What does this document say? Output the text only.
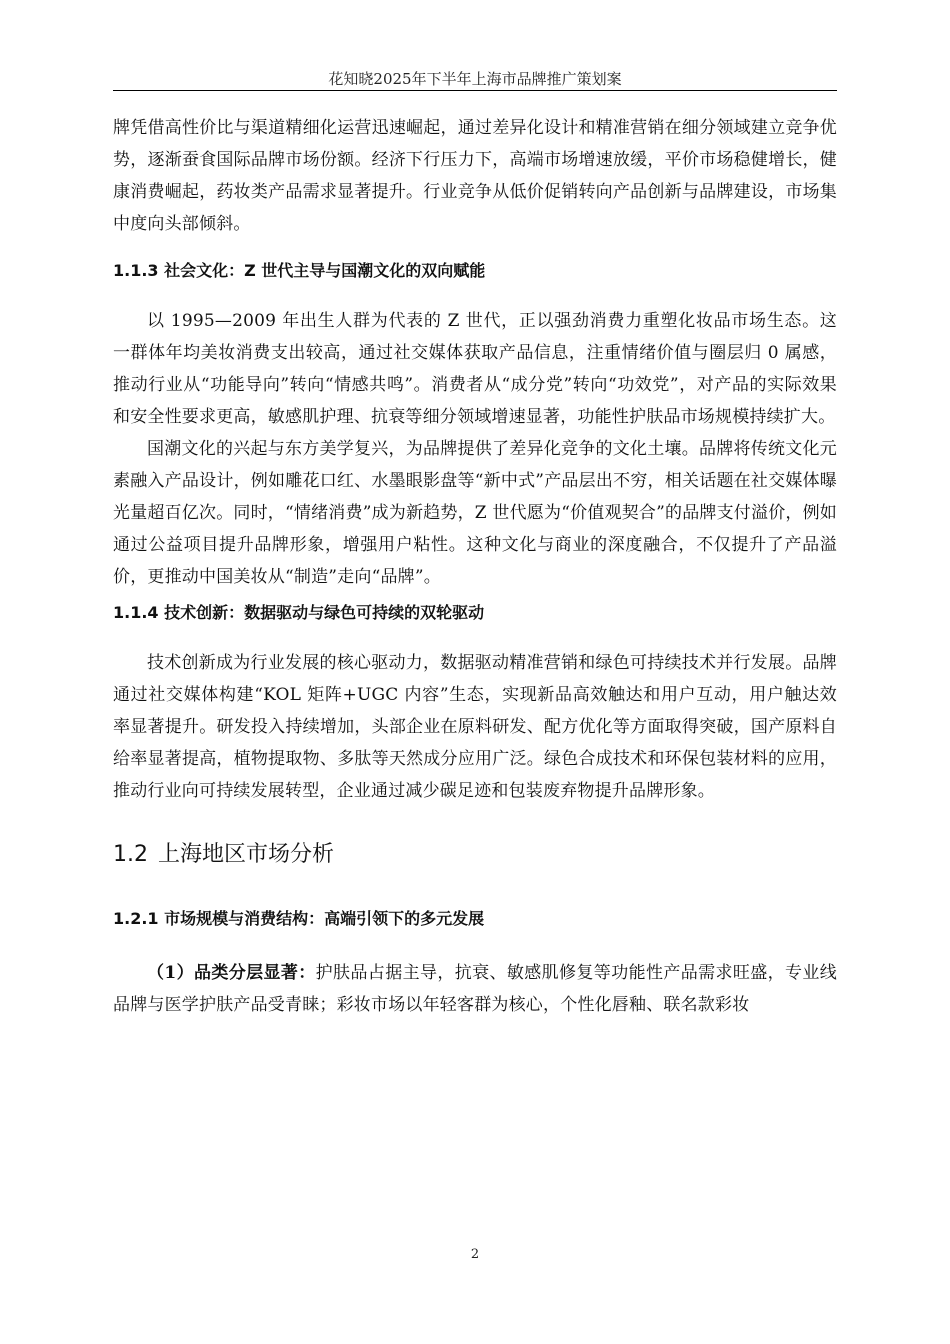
花知晓2025年下半年上海市品牌推广策划案

牌凭借高性价比与渠道精细化运营迅速崛起，通过差异化设计和精准营销在细分领域建立竞争优势，逐渐蚕食国际品牌市场份额。经济下行压力下，高端市场增速放缓，平价市场稳健增长，健康消费崛起，药妆类产品需求显著提升。行业竞争从低价促销转向产品创新与品牌建设，市场集中度向头部倾斜。

1.1.3 社会文化：Z 世代主导与国潮文化的双向赋能

以 1995—2009 年出生人群为代表的 Z 世代，正以强劲消费力重塑化妆品市场生态。这一群体年均美妆消费支出较高，通过社交媒体获取产品信息，注重情绪价值与圈层归 0 属感，推动行业从“功能导向”转向“情感共鸣”。消费者从“成分党”转向“功效党”，对产品的实际效果和安全性要求更高，敏感肌护理、抗衰等细分领域增速显著，功能性护肤品市场规模持续扩大。

国潮文化的兴起与东方美学复兴，为品牌提供了差异化竞争的文化土壤。品牌将传统文化元素融入产品设计，例如雕花口红、水墨眼影盘等“新中式”产品层出不穷，相关话题在社交媒体曝光量超百亿次。同时，“情绪消费”成为新趋势，Z 世代愿为“价值观契合”的品牌支付溢价，例如通过公益项目提升品牌形象，增强用户粘性。这种文化与商业的深度融合，不仅提升了产品溢价，更推动中国美妆从“制造”走向“品牌”。

1.1.4 技术创新：数据驱动与绿色可持续的双轮驱动

技术创新成为行业发展的核心驱动力，数据驱动精准营销和绿色可持续技术并行发展。品牌通过社交媒体构建“KOL 矩阵+UGC 内容”生态，实现新品高效触达和用户互动，用户触达效率显著提升。研发投入持续增加，头部企业在原料研发、配方优化等方面取得突破，国产原料自给率显著提高，植物提取物、多肽等天然成分应用广泛。绿色合成技术和环保包装材料的应用，推动行业向可持续发展转型，企业通过减少碳足迹和包装废弃物提升品牌形象。

1.2 上海地区市场分析

1.2.1 市场规模与消费结构：高端引领下的多元发展

（1）品类分层显著：护肤品占据主导，抗衰、敏感肌修复等功能性产品需求旺盛，专业线品牌与医学护肤产品受青睐；彩妆市场以年轻客群为核心，个性化唇釉、联名款彩妆

2
